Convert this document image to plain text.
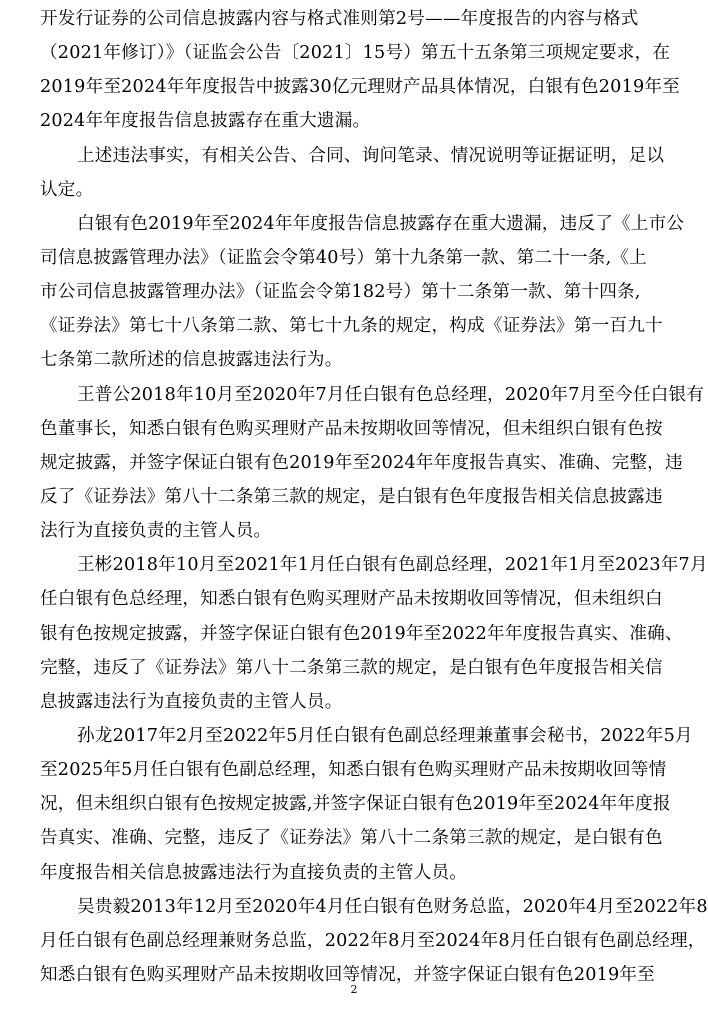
开发行证券的公司信息披露内容与格式准则第2号——年度报告的内容与格式
（2021年修订）》（证监会公告〔2021〕15号）第五十五条第三项规定要求，在
2019年至2024年年度报告中披露30亿元理财产品具体情况，白银有色2019年至
2024年年度报告信息披露存在重大遗漏。
上述违法事实，有相关公告、合同、询问笔录、情况说明等证据证明，足以
认定。
白银有色2019年至2024年年度报告信息披露存在重大遗漏，违反了《上市公
司信息披露管理办法》（证监会令第40号）第十九条第一款、第二十一条,《上
市公司信息披露管理办法》（证监会令第182号）第十二条第一款、第十四条,
《证券法》第七十八条第二款、第七十九条的规定，构成《证券法》第一百九十
七条第二款所述的信息披露违法行为。
王普公2018年10月至2020年7月任白银有色总经理，2020年7月至今任白银有
色董事长，知悉白银有色购买理财产品未按期收回等情况，但未组织白银有色按
规定披露，并签字保证白银有色2019年至2024年年度报告真实、准确、完整，违
反了《证券法》第八十二条第三款的规定，是白银有色年度报告相关信息披露违
法行为直接负责的主管人员。
王彬2018年10月至2021年1月任白银有色副总经理，2021年1月至2023年7月
任白银有色总经理，知悉白银有色购买理财产品未按期收回等情况，但未组织白
银有色按规定披露，并签字保证白银有色2019年至2022年年度报告真实、准确、
完整，违反了《证券法》第八十二条第三款的规定，是白银有色年度报告相关信
息披露违法行为直接负责的主管人员。
孙龙2017年2月至2022年5月任白银有色副总经理兼董事会秘书，2022年5月
至2025年5月任白银有色副总经理，知悉白银有色购买理财产品未按期收回等情
况，但未组织白银有色按规定披露,并签字保证白银有色2019年至2024年年度报
告真实、准确、完整，违反了《证券法》第八十二条第三款的规定，是白银有色
年度报告相关信息披露违法行为直接负责的主管人员。
吴贵毅2013年12月至2020年4月任白银有色财务总监，2020年4月至2022年8
月任白银有色副总经理兼财务总监，2022年8月至2024年8月任白银有色副总经理，
知悉白银有色购买理财产品未按期收回等情况，并签字保证白银有色2019年至
2
